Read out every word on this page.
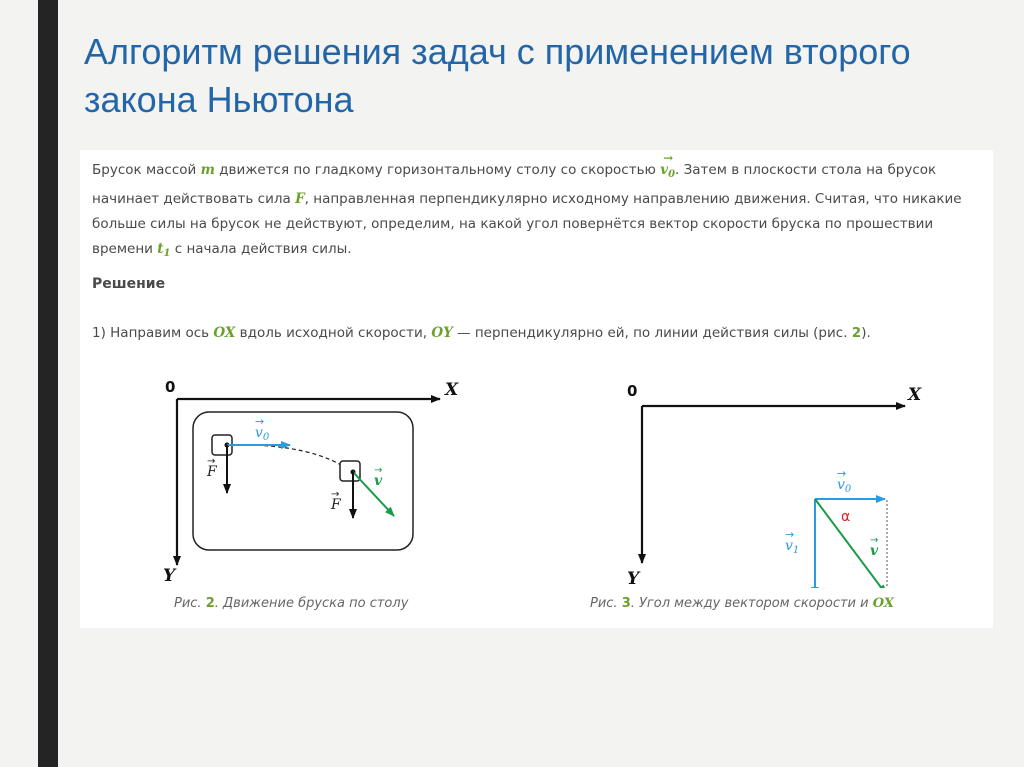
Алгоритм решения задач с применением второго закона Ньютона

Брусок массой m движется по гладкому горизонтальному столу со скоростью → $v_0$. Затем в плоскости стола на брусок начинает действовать сила F, направленная перпендикулярно исходному направлению движения. Считая, что никакие больше силы на брусок не действуют, определим, на какой угол повернётся вектор скорости бруска по прошествии времени $t_1$ с начала действия силы.

Решение

1) Направим ось OX вдоль исходной скорости, OY — перпендикулярно ей, по линии действия силы (рис. 2).

0	X
Y
$v_0$
→
F
→
v
→
F
→
Рис. 2. Движение бруска по столу
0	X
Y
$v_0$
→
$v_1$
→
v
→
α
Рис. 3. Угол между вектором скорости и OX
